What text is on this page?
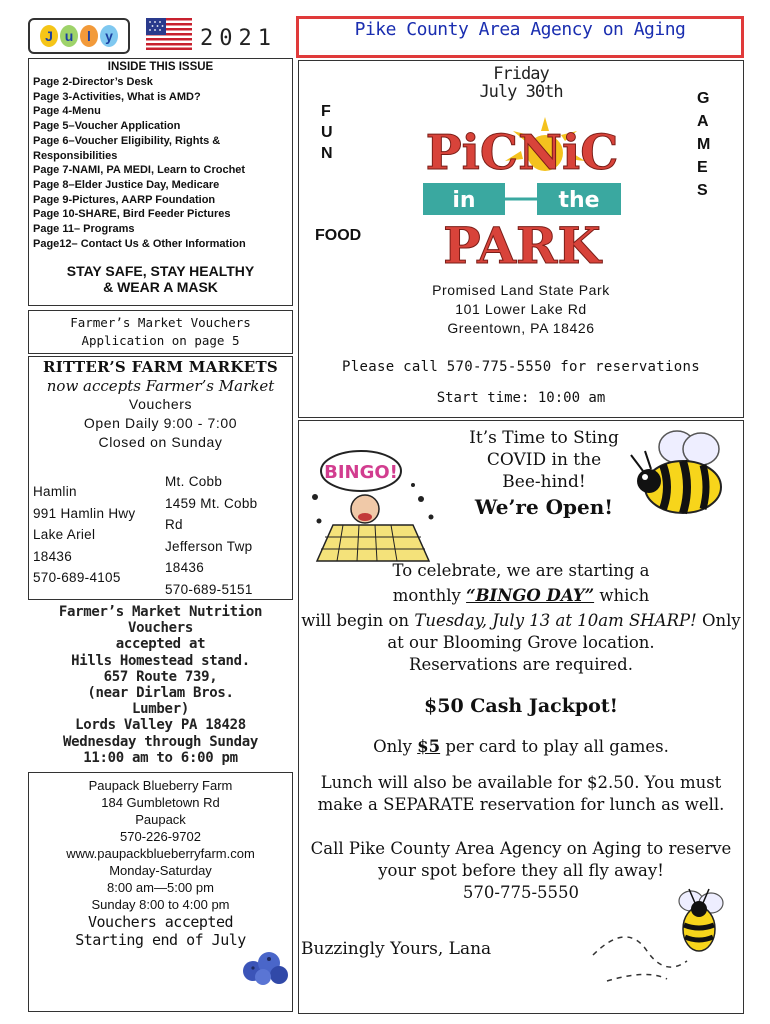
J u l	y	2021	Pike County Area Agency on Aging
INSIDE THIS ISSUE
Page 2-Director’s Desk
Page 3-Activities, What is AMD?
Page 4-Menu
Page 5–Voucher Application
Page 6–Voucher Eligibility, Rights &
Responsibilities
Page 7-NAMI, PA MEDI, Learn to Crochet
Page 8–Elder Justice Day, Medicare
Page 9-Pictures, AARP Foundation
Page 10-SHARE, Bird Feeder Pictures
Page 11– Programs
Page12– Contact Us & Other Information
STAY SAFE, STAY HEALTHY
& WEAR A MASK
Farmer’s Market Vouchers
Application on page 5
RITTER’S FARM MARKETS
now accepts Farmer’s Market
Vouchers
Open Daily 9:00 - 7:00
Closed on Sunday
Hamlin
991 Hamlin Hwy
Lake Ariel
18436
570-689-4105
Mt. Cobb
1459 Mt. Cobb
Rd
Jefferson Twp
18436
570-689-5151
Farmer’s Market Nutrition
Vouchers
accepted at
Hills Homestead stand.
657 Route 739,
(near Dirlam Bros.
Lumber)
Lords Valley PA 18428
Wednesday through Sunday
11:00 am to 6:00 pm
Paupack Blueberry Farm
184 Gumbletown Rd
Paupack
570-226-9702
www.paupackblueberryfarm.com
Monday-Saturday
8:00 am—5:00 pm
Sunday 8:00 to 4:00 pm
Vouchers accepted
Starting end of July
Friday
July 30th
F
U
N
G
A
M
E
S
FOOD
PiCNiC
in	the
PARK
Promised Land State Park
101 Lower Lake Rd
Greentown, PA 18426
Please call 570-775-5550 for reservations
Start time: 10:00 am
BINGO!
It’s Time to Sting
COVID in the
Bee-hind!
We’re Open!
To celebrate, we are starting a
monthly “BINGO DAY” which
will begin on Tuesday, July 13 at 10am SHARP! Only
at our Blooming Grove location.
Reservations are required.
$50 Cash Jackpot!
Only $5 per card to play all games.
Lunch will also be available for $2.50. You must
make a SEPARATE reservation for lunch as well.
Call Pike County Area Agency on Aging to reserve
your spot before they all fly away!
570-775-5550
Buzzingly Yours, Lana
